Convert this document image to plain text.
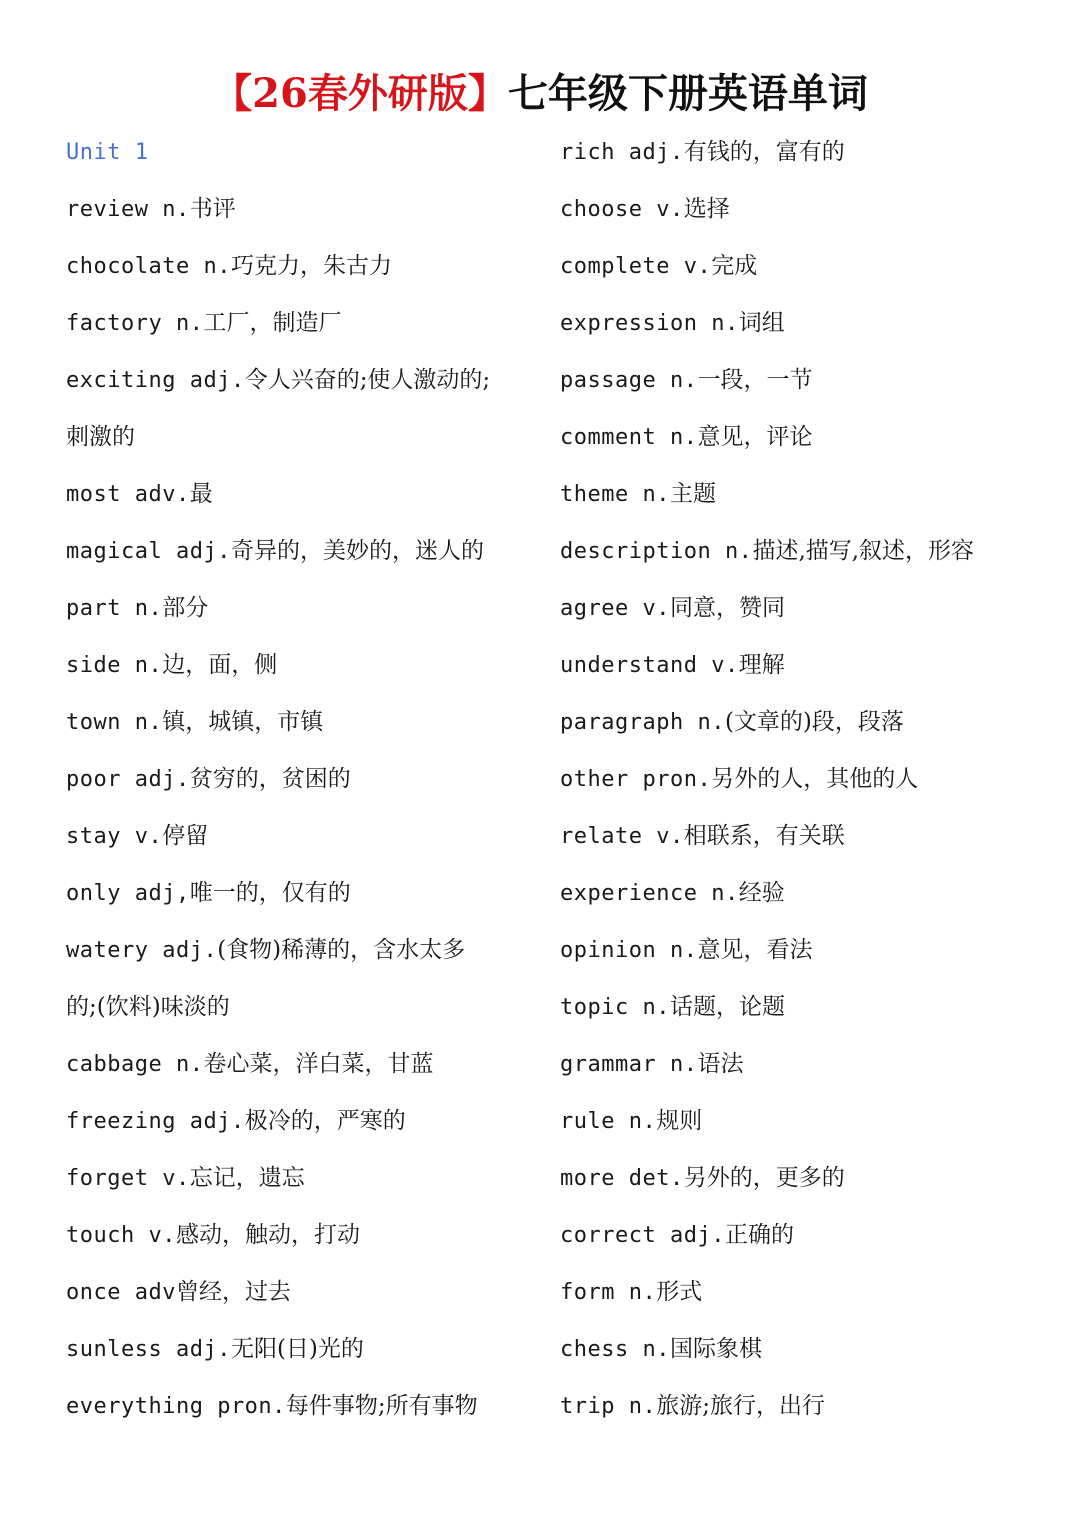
【26春外研版】七年级下册英语单词
Unit 1
review n.书评
chocolate n.巧克力，朱古力
factory n.工厂，制造厂
exciting adj.令人兴奋的;使人激动的;
刺激的
most adv.最
magical adj.奇异的，美妙的，迷人的
part n.部分
side n.边，面，侧
town n.镇，城镇，市镇
poor adj.贫穷的，贫困的
stay v.停留
only adj,唯一的，仅有的
watery adj.(食物)稀薄的，含水太多
的;(饮料)味淡的
cabbage n.卷心菜，洋白菜，甘蓝
freezing adj.极冷的，严寒的
forget v.忘记，遗忘
touch v.感动，触动，打动
once adv曾经，过去
sunless adj.无阳(日)光的
everything pron.每件事物;所有事物
rich adj.有钱的，富有的
choose v.选择
complete v.完成
expression n.词组
passage n.一段，一节
comment n.意见，评论
theme n.主题
description n.描述,描写,叙述，形容
agree v.同意，赞同
understand v.理解
paragraph n.(文章的)段，段落
other pron.另外的人，其他的人
relate v.相联系，有关联
experience n.经验
opinion n.意见，看法
topic n.话题，论题
grammar n.语法
rule n.规则
more det.另外的，更多的
correct adj.正确的
form n.形式
chess n.国际象棋
trip n.旅游;旅行，出行
